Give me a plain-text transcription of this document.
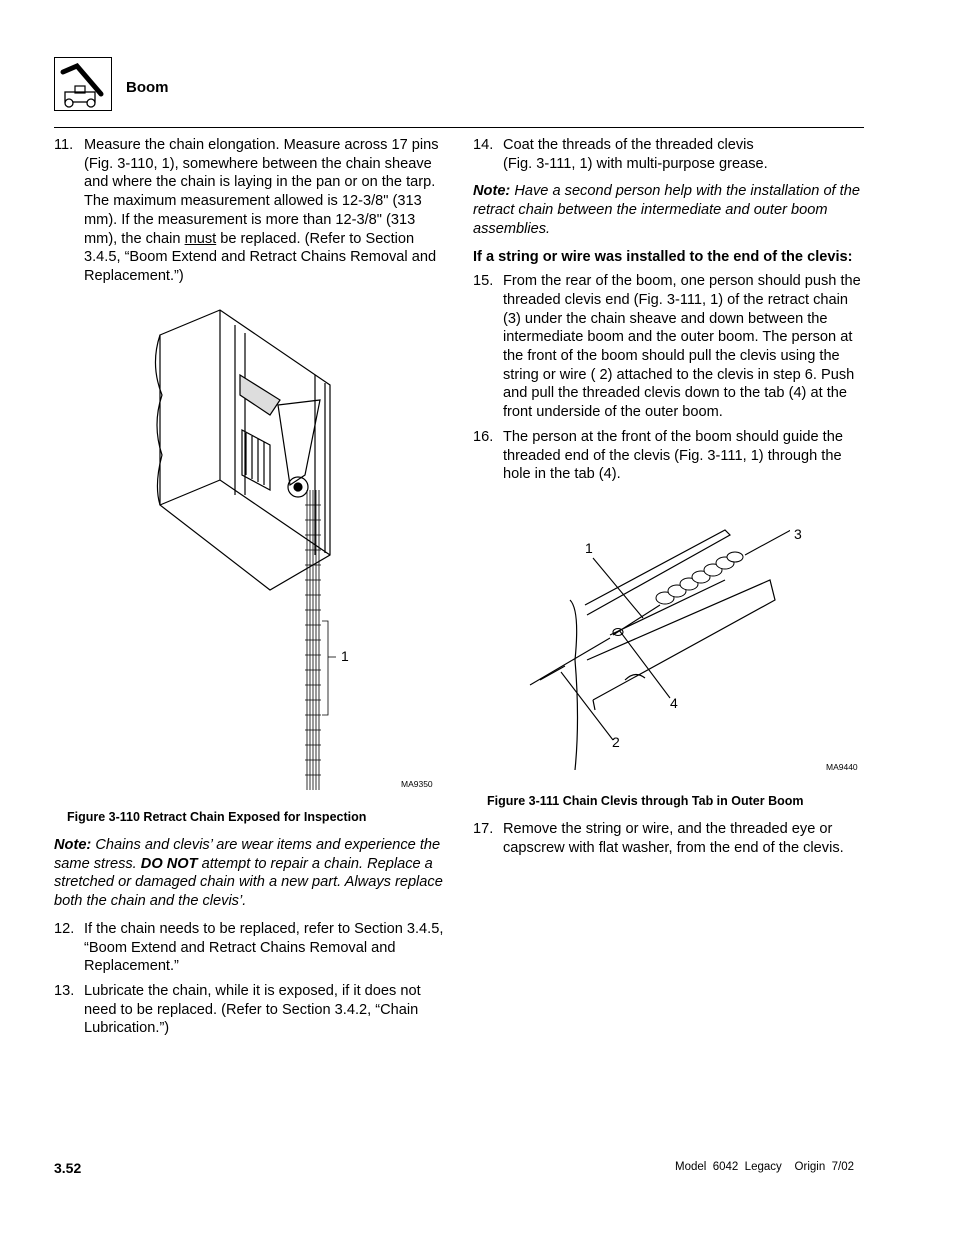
Boom
11. Measure the chain elongation. Measure across 17 pins (Fig. 3-110, 1), somewhere between the chain sheave and where the chain is laying in the pan or on the tarp. The maximum measurement allowed is 12-3/8" (313 mm). If the measurement is more than 12-3/8" (313 mm), the chain must be replaced. (Refer to Section 3.4.5, “Boom Extend and Retract Chains Removal and Replacement.”)
1
MA9350
Figure 3-110 Retract Chain Exposed for Inspection
Note: Chains and clevis’ are wear items and experience the same stress. DO NOT attempt to repair a chain. Replace a stretched or damaged chain with a new part. Always replace both the chain and the clevis’.
12. If the chain needs to be replaced, refer to Section 3.4.5, “Boom Extend and Retract Chains Removal and Replacement.”
13. Lubricate the chain, while it is exposed, if it does not need to be replaced. (Refer to Section 3.4.2, “Chain Lubrication.”)
14. Coat the threads of the threaded clevis
(Fig. 3-111, 1) with multi-purpose grease.
Note: Have a second person help with the installation of the retract chain between the intermediate and outer boom assemblies.
If a string or wire was installed to the end of the clevis:
15. From the rear of the boom, one person should push the threaded clevis end (Fig. 3-111, 1) of the retract chain (3) under the chain sheave and down between the intermediate boom and the outer boom. The person at the front of the boom should pull the clevis using the string or wire ( 2) attached to the clevis in step 6. Push and pull the threaded clevis down to the tab (4) at the front underside of the outer boom.
16. The person at the front of the boom should guide the threaded end of the clevis (Fig. 3-111, 1) through the hole in the tab (4).
1
2
3
4
MA9440
Figure 3-111 Chain Clevis through Tab in Outer Boom
17. Remove the string or wire, and the threaded eye or capscrew with flat washer, from the end of the clevis.
3.52	Model  6042  Legacy    Origin  7/02
